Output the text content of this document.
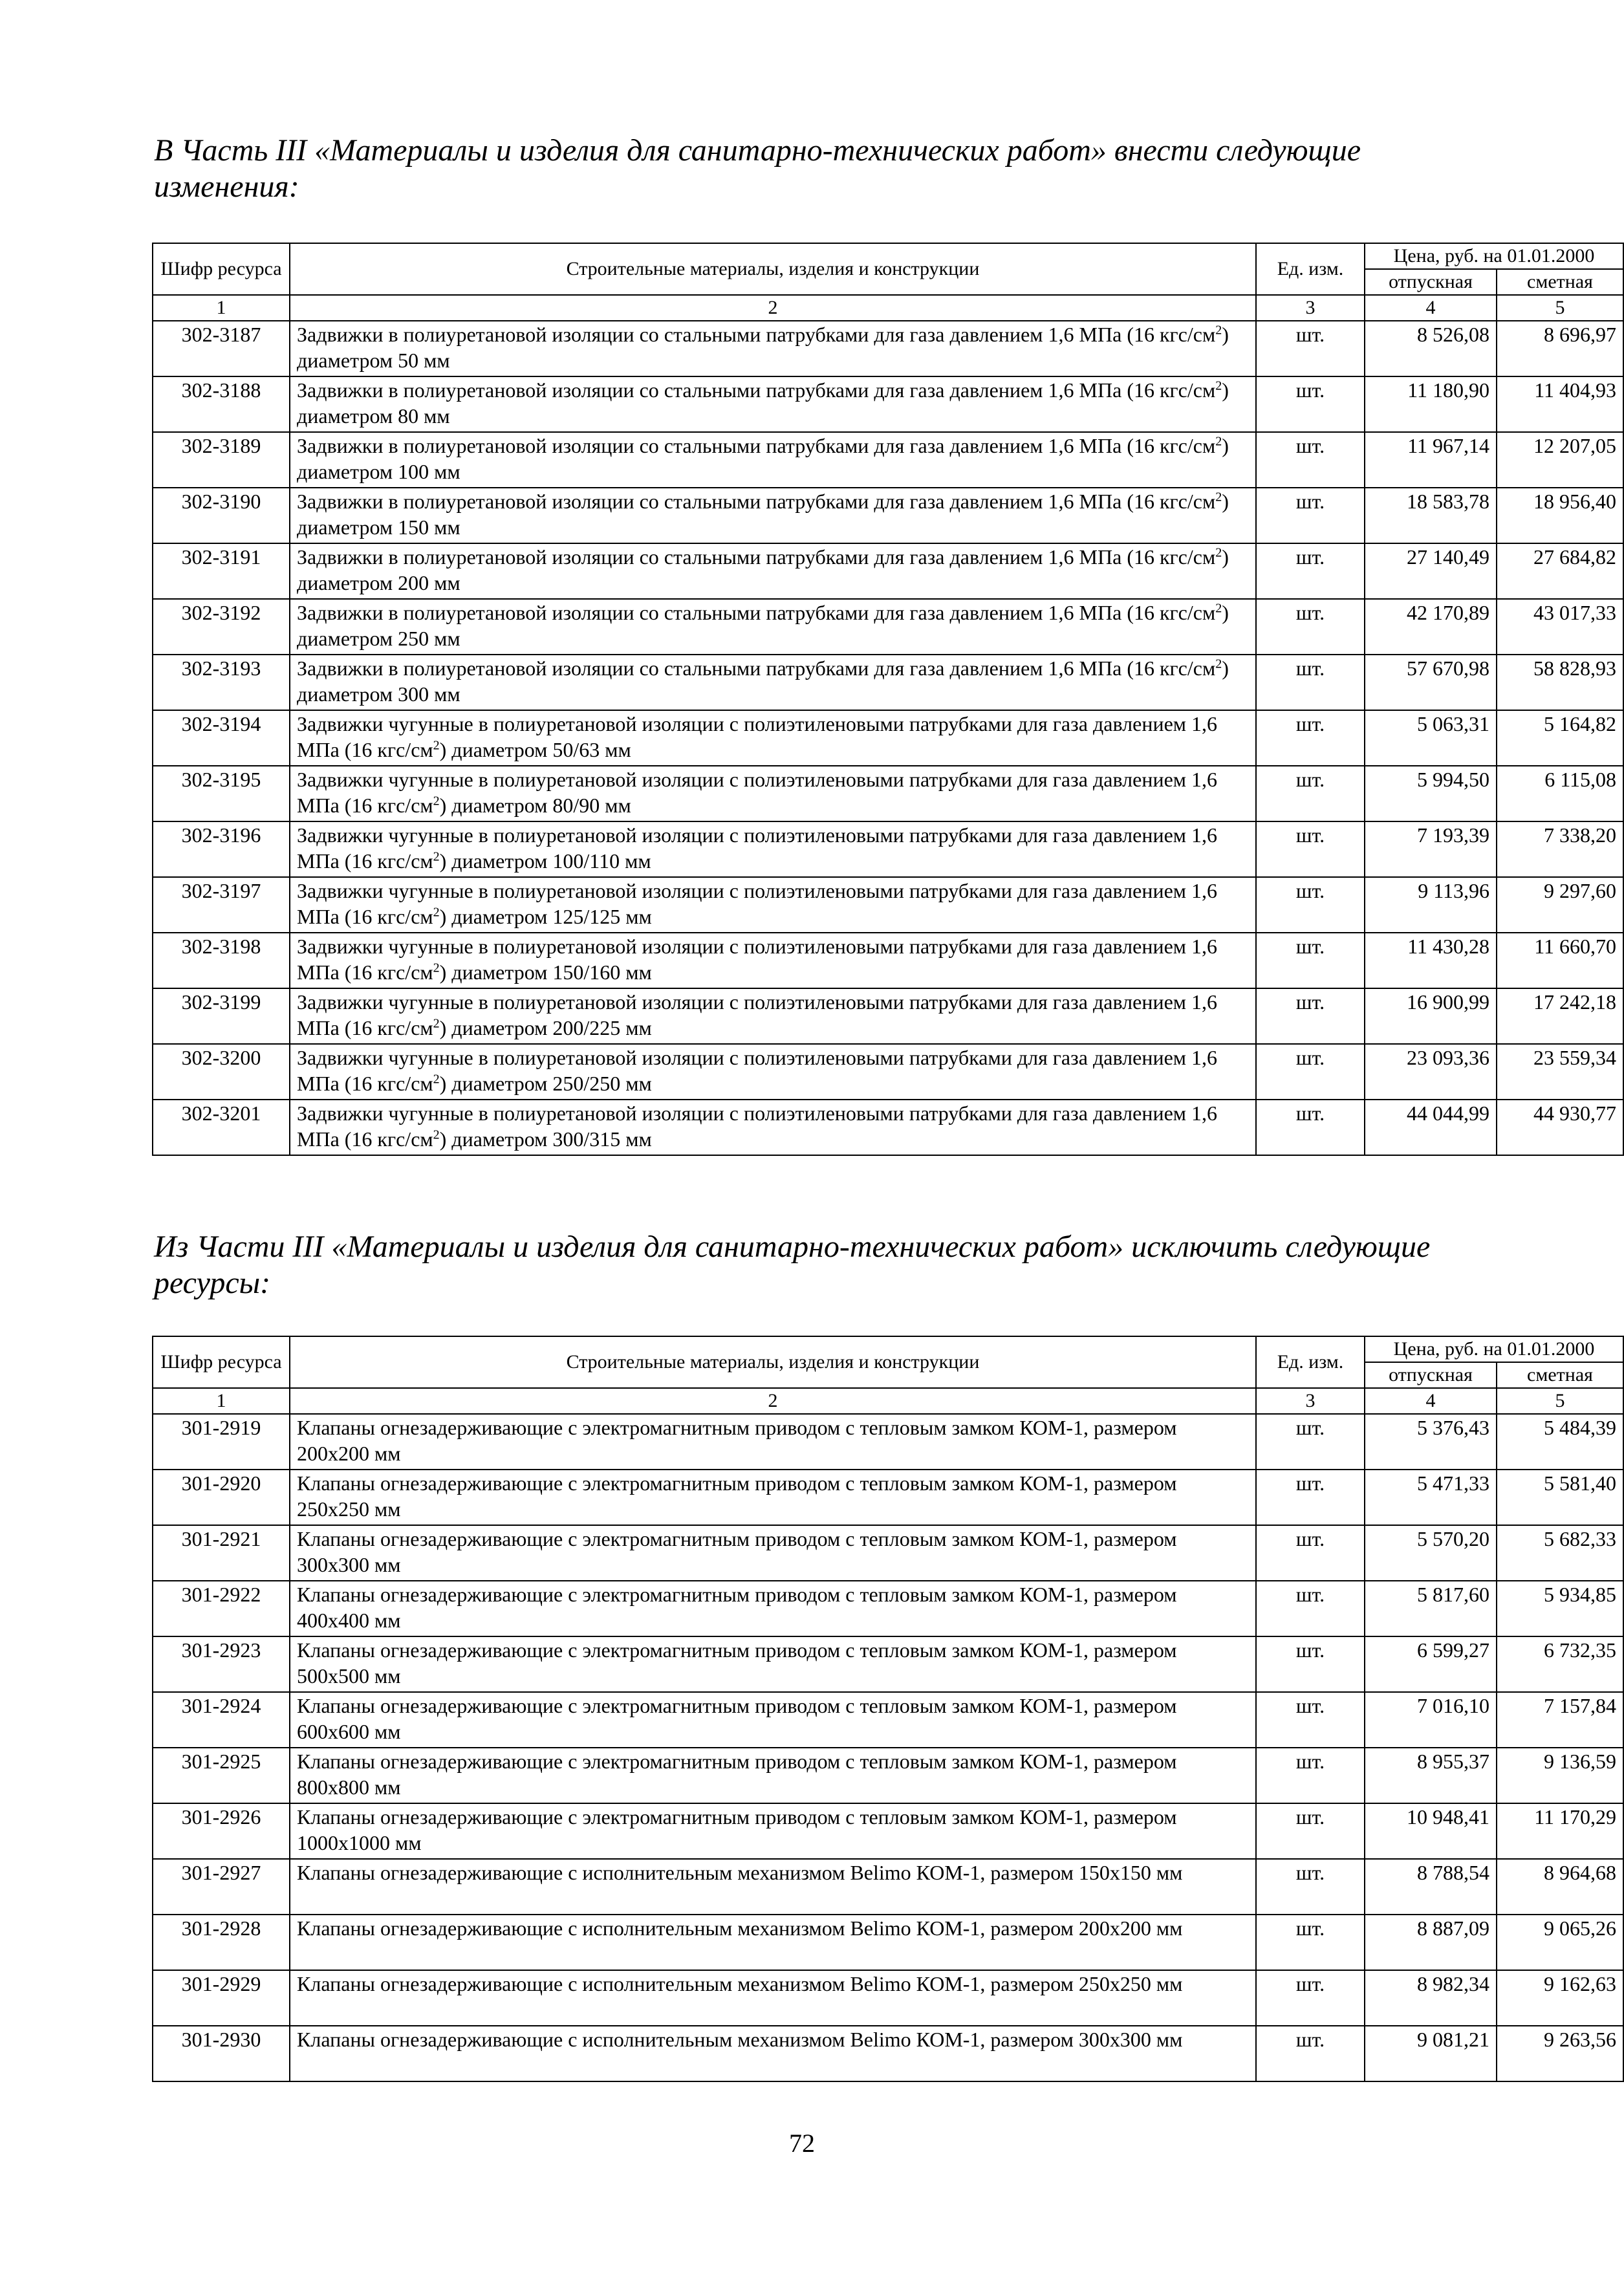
В Часть III «Материалы и изделия для санитарно-технических работ» внести следующие изменения:

Шифр ресурса	Строительные материалы, изделия и конструкции	Ед. изм.	Цена, руб. на 01.01.2000	
			отпускная	сметная
1	2	3	4	5
302-3187	Задвижки в полиуретановой изоляции со стальными патрубками для газа давлением 1,6 МПа (16 кгс/$см^2$) диаметром 50 мм	шт.	8 526,08	8 696,97
302-3188	Задвижки в полиуретановой изоляции со стальными патрубками для газа давлением 1,6 МПа (16 кгс/$см^2$) диаметром 80 мм	шт.	11 180,90	11 404,93
302-3189	Задвижки в полиуретановой изоляции со стальными патрубками для газа давлением 1,6 МПа (16 кгс/$см^2$) диаметром 100 мм	шт.	11 967,14	12 207,05
302-3190	Задвижки в полиуретановой изоляции со стальными патрубками для газа давлением 1,6 МПа (16 кгс/$см^2$) диаметром 150 мм	шт.	18 583,78	18 956,40
302-3191	Задвижки в полиуретановой изоляции со стальными патрубками для газа давлением 1,6 МПа (16 кгс/$см^2$) диаметром 200 мм	шт.	27 140,49	27 684,82
302-3192	Задвижки в полиуретановой изоляции со стальными патрубками для газа давлением 1,6 МПа (16 кгс/$см^2$) диаметром 250 мм	шт.	42 170,89	43 017,33
302-3193	Задвижки в полиуретановой изоляции со стальными патрубками для газа давлением 1,6 МПа (16 кгс/$см^2$) диаметром 300 мм	шт.	57 670,98	58 828,93
302-3194	Задвижки чугунные в полиуретановой изоляции с полиэтиленовыми патрубками для газа давлением 1,6 МПа (16 кгс/$см^2$) диаметром 50/63 мм	шт.	5 063,31	5 164,82
302-3195	Задвижки чугунные в полиуретановой изоляции с полиэтиленовыми патрубками для газа давлением 1,6 МПа (16 кгс/$см^2$) диаметром 80/90 мм	шт.	5 994,50	6 115,08
302-3196	Задвижки чугунные в полиуретановой изоляции с полиэтиленовыми патрубками для газа давлением 1,6 МПа (16 кгс/$см^2$) диаметром 100/110 мм	шт.	7 193,39	7 338,20
302-3197	Задвижки чугунные в полиуретановой изоляции с полиэтиленовыми патрубками для газа давлением 1,6 МПа (16 кгс/$см^2$) диаметром 125/125 мм	шт.	9 113,96	9 297,60
302-3198	Задвижки чугунные в полиуретановой изоляции с полиэтиленовыми патрубками для газа давлением 1,6 МПа (16 кгс/$см^2$) диаметром 150/160 мм	шт.	11 430,28	11 660,70
302-3199	Задвижки чугунные в полиуретановой изоляции с полиэтиленовыми патрубками для газа давлением 1,6 МПа (16 кгс/$см^2$) диаметром 200/225 мм	шт.	16 900,99	17 242,18
302-3200	Задвижки чугунные в полиуретановой изоляции с полиэтиленовыми патрубками для газа давлением 1,6 МПа (16 кгс/$см^2$) диаметром 250/250 мм	шт.	23 093,36	23 559,34
302-3201	Задвижки чугунные в полиуретановой изоляции с полиэтиленовыми патрубками для газа давлением 1,6 МПа (16 кгс/$см^2$) диаметром 300/315 мм	шт.	44 044,99	44 930,77

Из Части III «Материалы и изделия для санитарно-технических работ» исключить следующие ресурсы:

Шифр ресурса	Строительные материалы, изделия и конструкции	Ед. изм.	Цена, руб. на 01.01.2000	
			отпускная	сметная
1	2	3	4	5
301-2919	Клапаны огнезадерживающие с электромагнитным приводом с тепловым замком КОМ-1, размером 200х200 мм	шт.	5 376,43	5 484,39
301-2920	Клапаны огнезадерживающие с электромагнитным приводом с тепловым замком КОМ-1, размером 250х250 мм	шт.	5 471,33	5 581,40
301-2921	Клапаны огнезадерживающие с электромагнитным приводом с тепловым замком КОМ-1, размером 300х300 мм	шт.	5 570,20	5 682,33
301-2922	Клапаны огнезадерживающие с электромагнитным приводом с тепловым замком КОМ-1, размером 400х400 мм	шт.	5 817,60	5 934,85
301-2923	Клапаны огнезадерживающие с электромагнитным приводом с тепловым замком КОМ-1, размером 500х500 мм	шт.	6 599,27	6 732,35
301-2924	Клапаны огнезадерживающие с электромагнитным приводом с тепловым замком КОМ-1, размером 600х600 мм	шт.	7 016,10	7 157,84
301-2925	Клапаны огнезадерживающие с электромагнитным приводом с тепловым замком КОМ-1, размером 800х800 мм	шт.	8 955,37	9 136,59
301-2926	Клапаны огнезадерживающие с электромагнитным приводом с тепловым замком КОМ-1, размером 1000х1000 мм	шт.	10 948,41	11 170,29
301-2927	Клапаны огнезадерживающие с исполнительным механизмом Belimo КОМ-1, размером 150х150 мм	шт.	8 788,54	8 964,68
301-2928	Клапаны огнезадерживающие с исполнительным механизмом Belimo КОМ-1, размером 200х200 мм	шт.	8 887,09	9 065,26
301-2929	Клапаны огнезадерживающие с исполнительным механизмом Belimo КОМ-1, размером 250х250 мм	шт.	8 982,34	9 162,63
301-2930	Клапаны огнезадерживающие с исполнительным механизмом Belimo КОМ-1, размером 300х300 мм	шт.	9 081,21	9 263,56
72
